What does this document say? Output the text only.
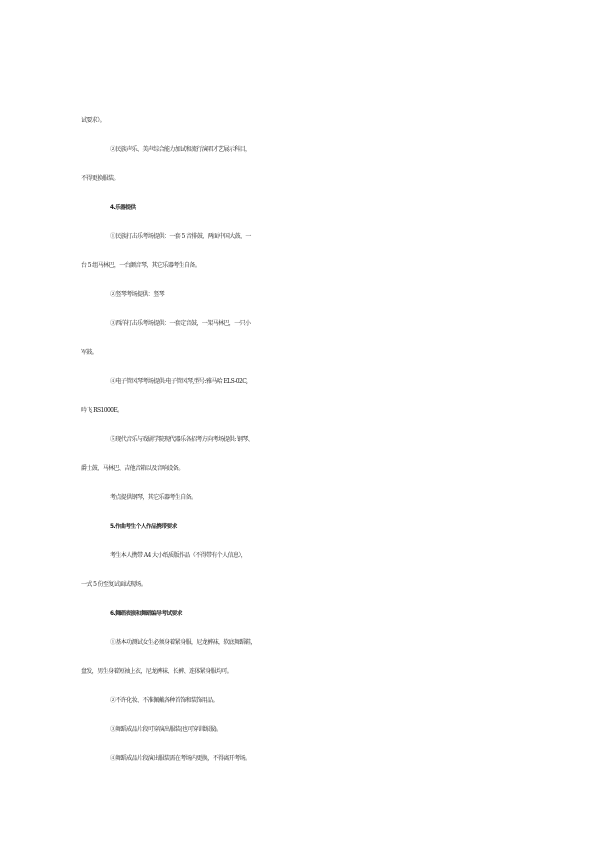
试要求）。
②民族声乐、美声综合能力加试和流行演唱才艺展示科目，
不得更换服装。
4.乐器提供
①民族打击乐考场提供：一套 5 音排鼓、两面中国大鼓、一
台 5 组马林巴，一台颤音琴，其它乐器考生自备。
②竖琴考场提供：竖琴
③西洋打击乐考场提供：一套定音鼓，一架马林巴，一只小
军鼓。
④电子管风琴考场提供:电子管风琴,型号:雅马哈 ELS-02C,
吟飞 RS1000E。
⑤现代音乐与戏剧学院现代器乐各招考方向考场提供: 钢琴、
爵士鼓、马林巴、吉他音箱以及音响设备。
考点提供钢琴，其它乐器考生自备。
5.作曲考生个人作品携带要求
考生本人携带 A4 大小纸质版作品（不得带有个人信息），
一式 5 份至复试面试现场。
6.舞蹈表演和舞蹈编导考试要求
①基本功测试女生必须身着紧身服，尼龙裤袜，软底舞蹈鞋，
盘发，男生身着短袖上衣，尼龙裤袜、长裤、连体紧身服均可。
②不许化妆、不准佩戴各种首饰和装饰用品。
③舞蹈成品片段可穿演出服装(也可穿训练服)。
④舞蹈成品片段演出服装需在考场内更换，不得离开考场。
